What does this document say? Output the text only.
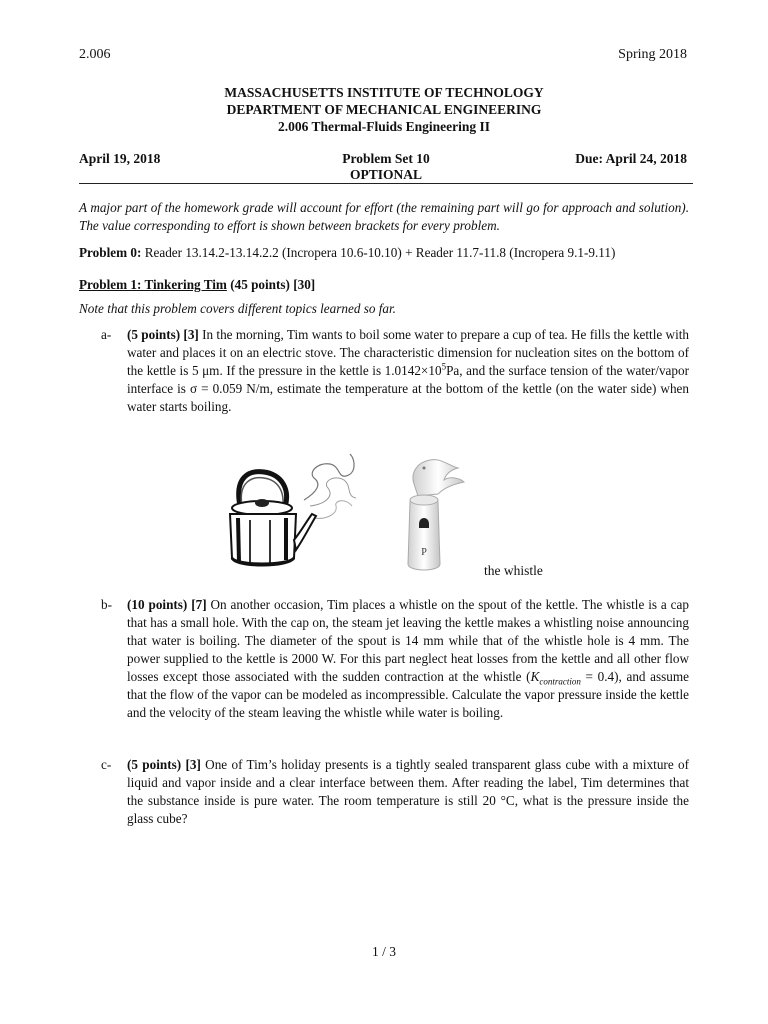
2.006	Spring 2018
MASSACHUSETTS INSTITUTE OF TECHNOLOGY
DEPARTMENT OF MECHANICAL ENGINEERING
2.006 Thermal-Fluids Engineering II
April 19, 2018	Problem Set 10
OPTIONAL
Due: April 24, 2018
A major part of the homework grade will account for effort (the remaining part will go for approach and solution). The value corresponding to effort is shown between brackets for every problem.
Problem 0: Reader 13.14.2-13.14.2.2 (Incropera 10.6-10.10) + Reader 11.7-11.8 (Incropera 9.1-9.11)
Problem 1: Tinkering Tim (45 points) [30]
Note that this problem covers different topics learned so far.
a- (5 points) [3] In the morning, Tim wants to boil some water to prepare a cup of tea. He fills the kettle with water and places it on an electric stove. The characteristic dimension for nucleation sites on the bottom of the kettle is 5 μm. If the pressure in the kettle is $1.0142\times 10^5Pa$, and the surface tension of the water/vapor interface is σ = 0.059 N/m, estimate the temperature at the bottom of the kettle (on the water side) when water starts boiling.
P
the whistle
b- (10 points) [7] On another occasion, Tim places a whistle on the spout of the kettle. The whistle is a cap that has a small hole. With the cap on, the steam jet leaving the kettle makes a whistling noise announcing that water is boiling. The diameter of the spout is 14 mm while that of the whistle hole is 4 mm. The power supplied to the kettle is 2000 W. For this part neglect heat losses from the kettle and all other flow losses except those associated with the sudden contraction at the whistle $(K_{contraction} = 0.4)$, and assume that the flow of the vapor can be modeled as incompressible. Calculate the vapor pressure inside the kettle and the velocity of the steam leaving the whistle while water is boiling.
c- (5 points) [3] One of Tim’s holiday presents is a tightly sealed transparent glass cube with a mixture of liquid and vapor inside and a clear interface between them. After reading the label, Tim determines that the substance inside is pure water. The room temperature is still 20 °C, what is the pressure inside the glass cube?
1 / 3
